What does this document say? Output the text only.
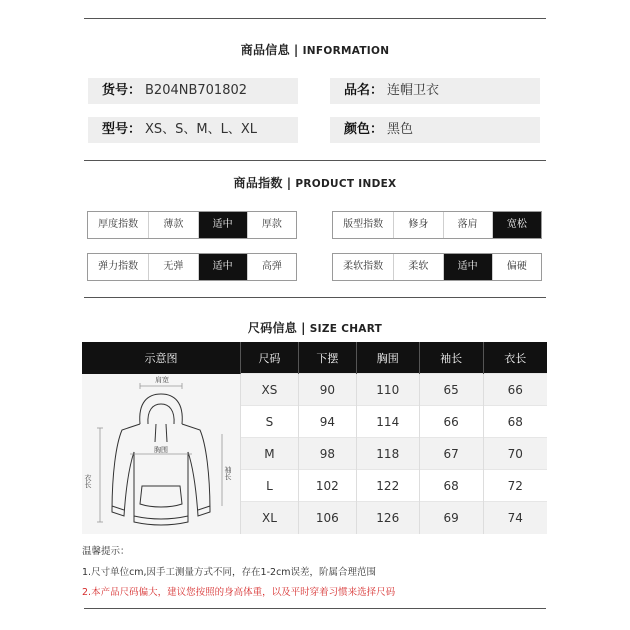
商品信息 | INFORMATION
货号： B204NB701802	品名： 连帽卫衣
型号： XS、S、M、L、XL	颜色： 黑色
商品指数 | PRODUCT INDEX
厚度指数	薄款	适中	厚款	版型指数	修身	落肩	宽松
弹力指数	无弹	适中	高弹	柔软指数	柔软	适中	偏硬
尺码信息 | SIZE CHART
示意图	尺码	下摆	胸围	袖长	衣长

肩宽
胸围
衣长
袖长	XS	90	110	65	66
	S	94	114	66	68
	M	98	118	67	70
	L	102	122	68	72
	XL	106	126	69	74
温馨提示：
1.尺寸单位cm,因手工测量方式不同，存在1-2cm误差，阶属合理范围
2.本产品尺码偏大，建议您按照的身高体重，以及平时穿着习惯来选择尺码
